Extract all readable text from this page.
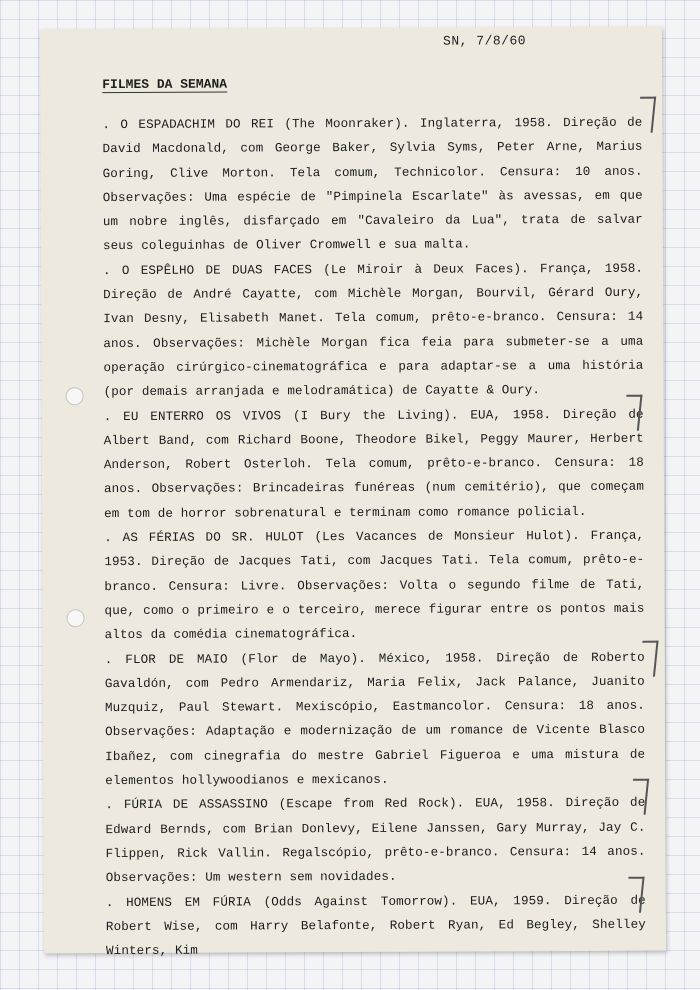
SN, 7/8/60
FILMES DA SEMANA

. O ESPADACHIM DO REI (The Moonraker). Inglaterra, 1958. Direção de David Macdonald, com George Baker, Sylvia Syms, Peter Arne, Marius Goring, Clive Morton. Tela comum, Technicolor. Censura: 10 anos. Observações: Uma espécie de "Pimpinela Escarlate" às avessas, em que um nobre inglês, disfarçado em "Cavaleiro da Lua", trata de salvar seus coleguinhas de Oliver Cromwell e sua malta.

. O ESPÊLHO DE DUAS FACES (Le Miroir à Deux Faces). França, 1958. Direção de André Cayatte, com Michèle Morgan, Bourvil, Gérard Oury, Ivan Desny, Elisabeth Manet. Tela comum, prêto-e-branco. Censura: 14 anos. Observações: Michèle Morgan fica feia para submeter-se a uma operação cirúrgico-cinematográfica e para adaptar-se a uma história (por demais arranjada e melodramática) de Cayatte & Oury.

. EU ENTERRO OS VIVOS (I Bury the Living). EUA, 1958. Direção de Albert Band, com Richard Boone, Theodore Bikel, Peggy Maurer, Herbert Anderson, Robert Osterloh. Tela comum, prêto-e-branco. Censura: 18 anos. Observações: Brincadeiras funéreas (num cemitério), que começam em tom de horror sobrenatural e terminam como romance policial.

. AS FÉRIAS DO SR. HULOT (Les Vacances de Monsieur Hulot). França, 1953. Direção de Jacques Tati, com Jacques Tati. Tela comum, prêto-e-branco. Censura: Livre. Observações: Volta o segundo filme de Tati, que, como o primeiro e o terceiro, merece figurar entre os pontos mais altos da comédia cinematográfica.

. FLOR DE MAIO (Flor de Mayo). México, 1958. Direção de Roberto Gavaldón, com Pedro Armendariz, Maria Felix, Jack Palance, Juanito Muzquiz, Paul Stewart. Mexiscópio, Eastmancolor. Censura: 18 anos. Observações: Adaptação e modernização de um romance de Vicente Blasco Ibañez, com cinegrafia do mestre Gabriel Figueroa e uma mistura de elementos hollywoodianos e mexicanos.

. FÚRIA DE ASSASSINO (Escape from Red Rock). EUA, 1958. Direção de Edward Bernds, com Brian Donlevy, Eilene Janssen, Gary Murray, Jay C. Flippen, Rick Vallin. Regalscópio, prêto-e-branco. Censura: 14 anos. Observações: Um western sem novidades.

. HOMENS EM FÚRIA (Odds Against Tomorrow). EUA, 1959. Direção de Robert Wise, com Harry Belafonte, Robert Ryan, Ed Begley, Shelley Winters, Kim
